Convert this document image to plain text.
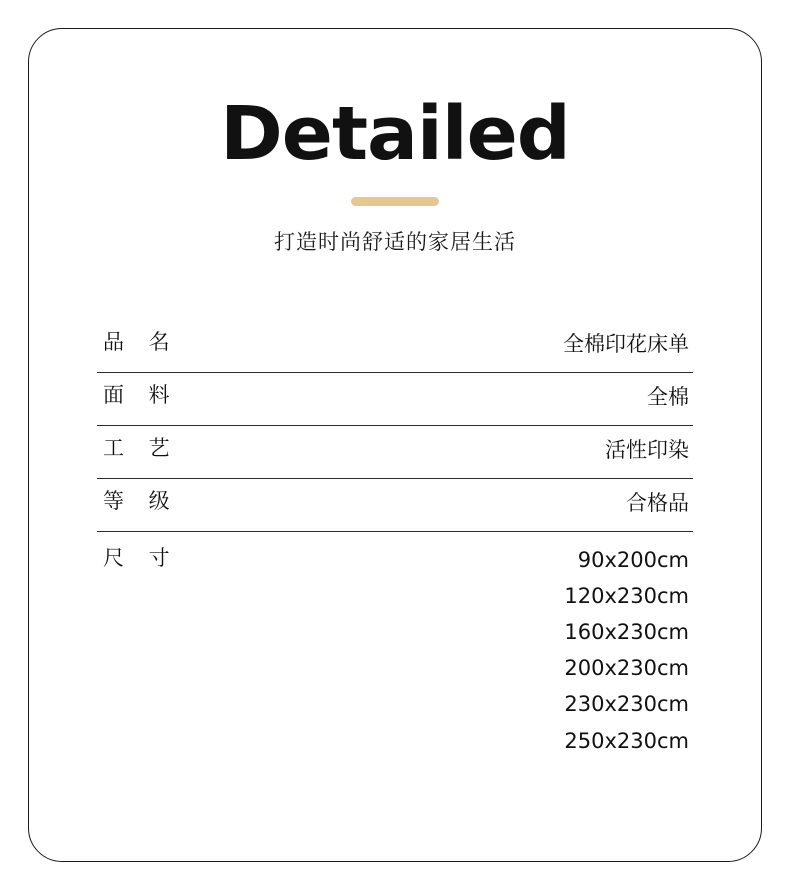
Detailed

打造时尚舒适的家居生活

品 名	全棉印花床单
面 料	全棉
工 艺	活性印染
等 级	合格品
尺 寸	90x200cm
120x230cm
160x230cm
200x230cm
230x230cm
250x230cm
